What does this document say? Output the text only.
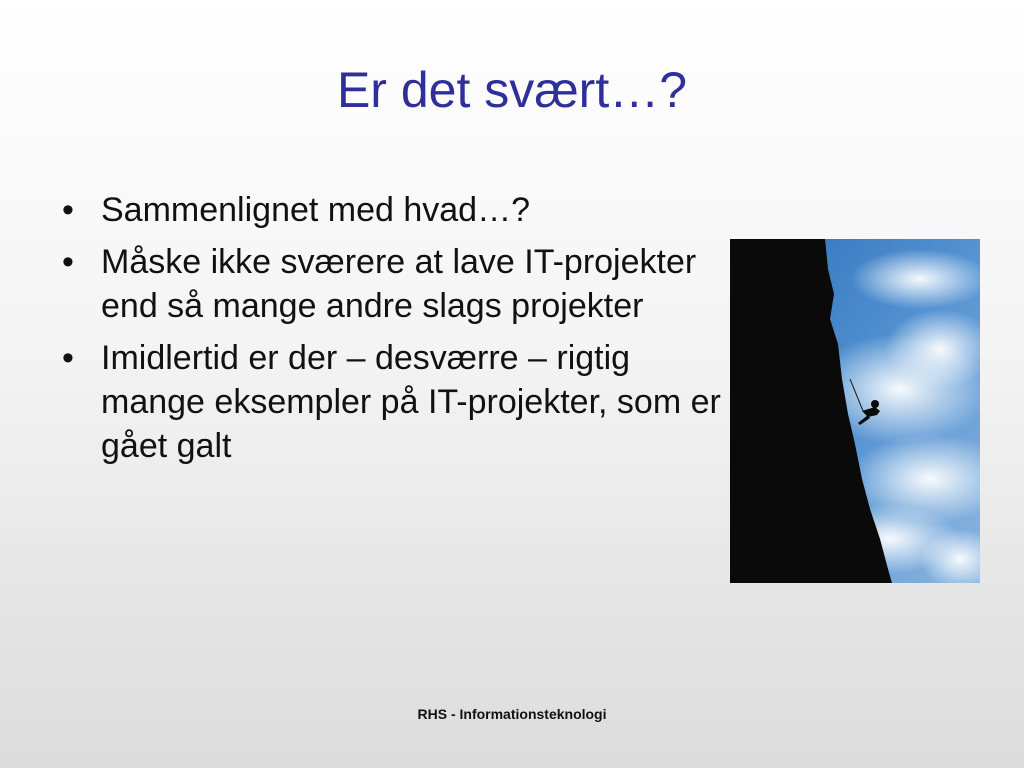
Er det svært…?
• Sammenlignet med hvad…?
• Måske ikke sværere at lave IT-projekter end så mange andre slags projekter
• Imidlertid er der – desværre – rigtig mange eksempler på IT-projekter, som er gået galt
RHS - Informationsteknologi
